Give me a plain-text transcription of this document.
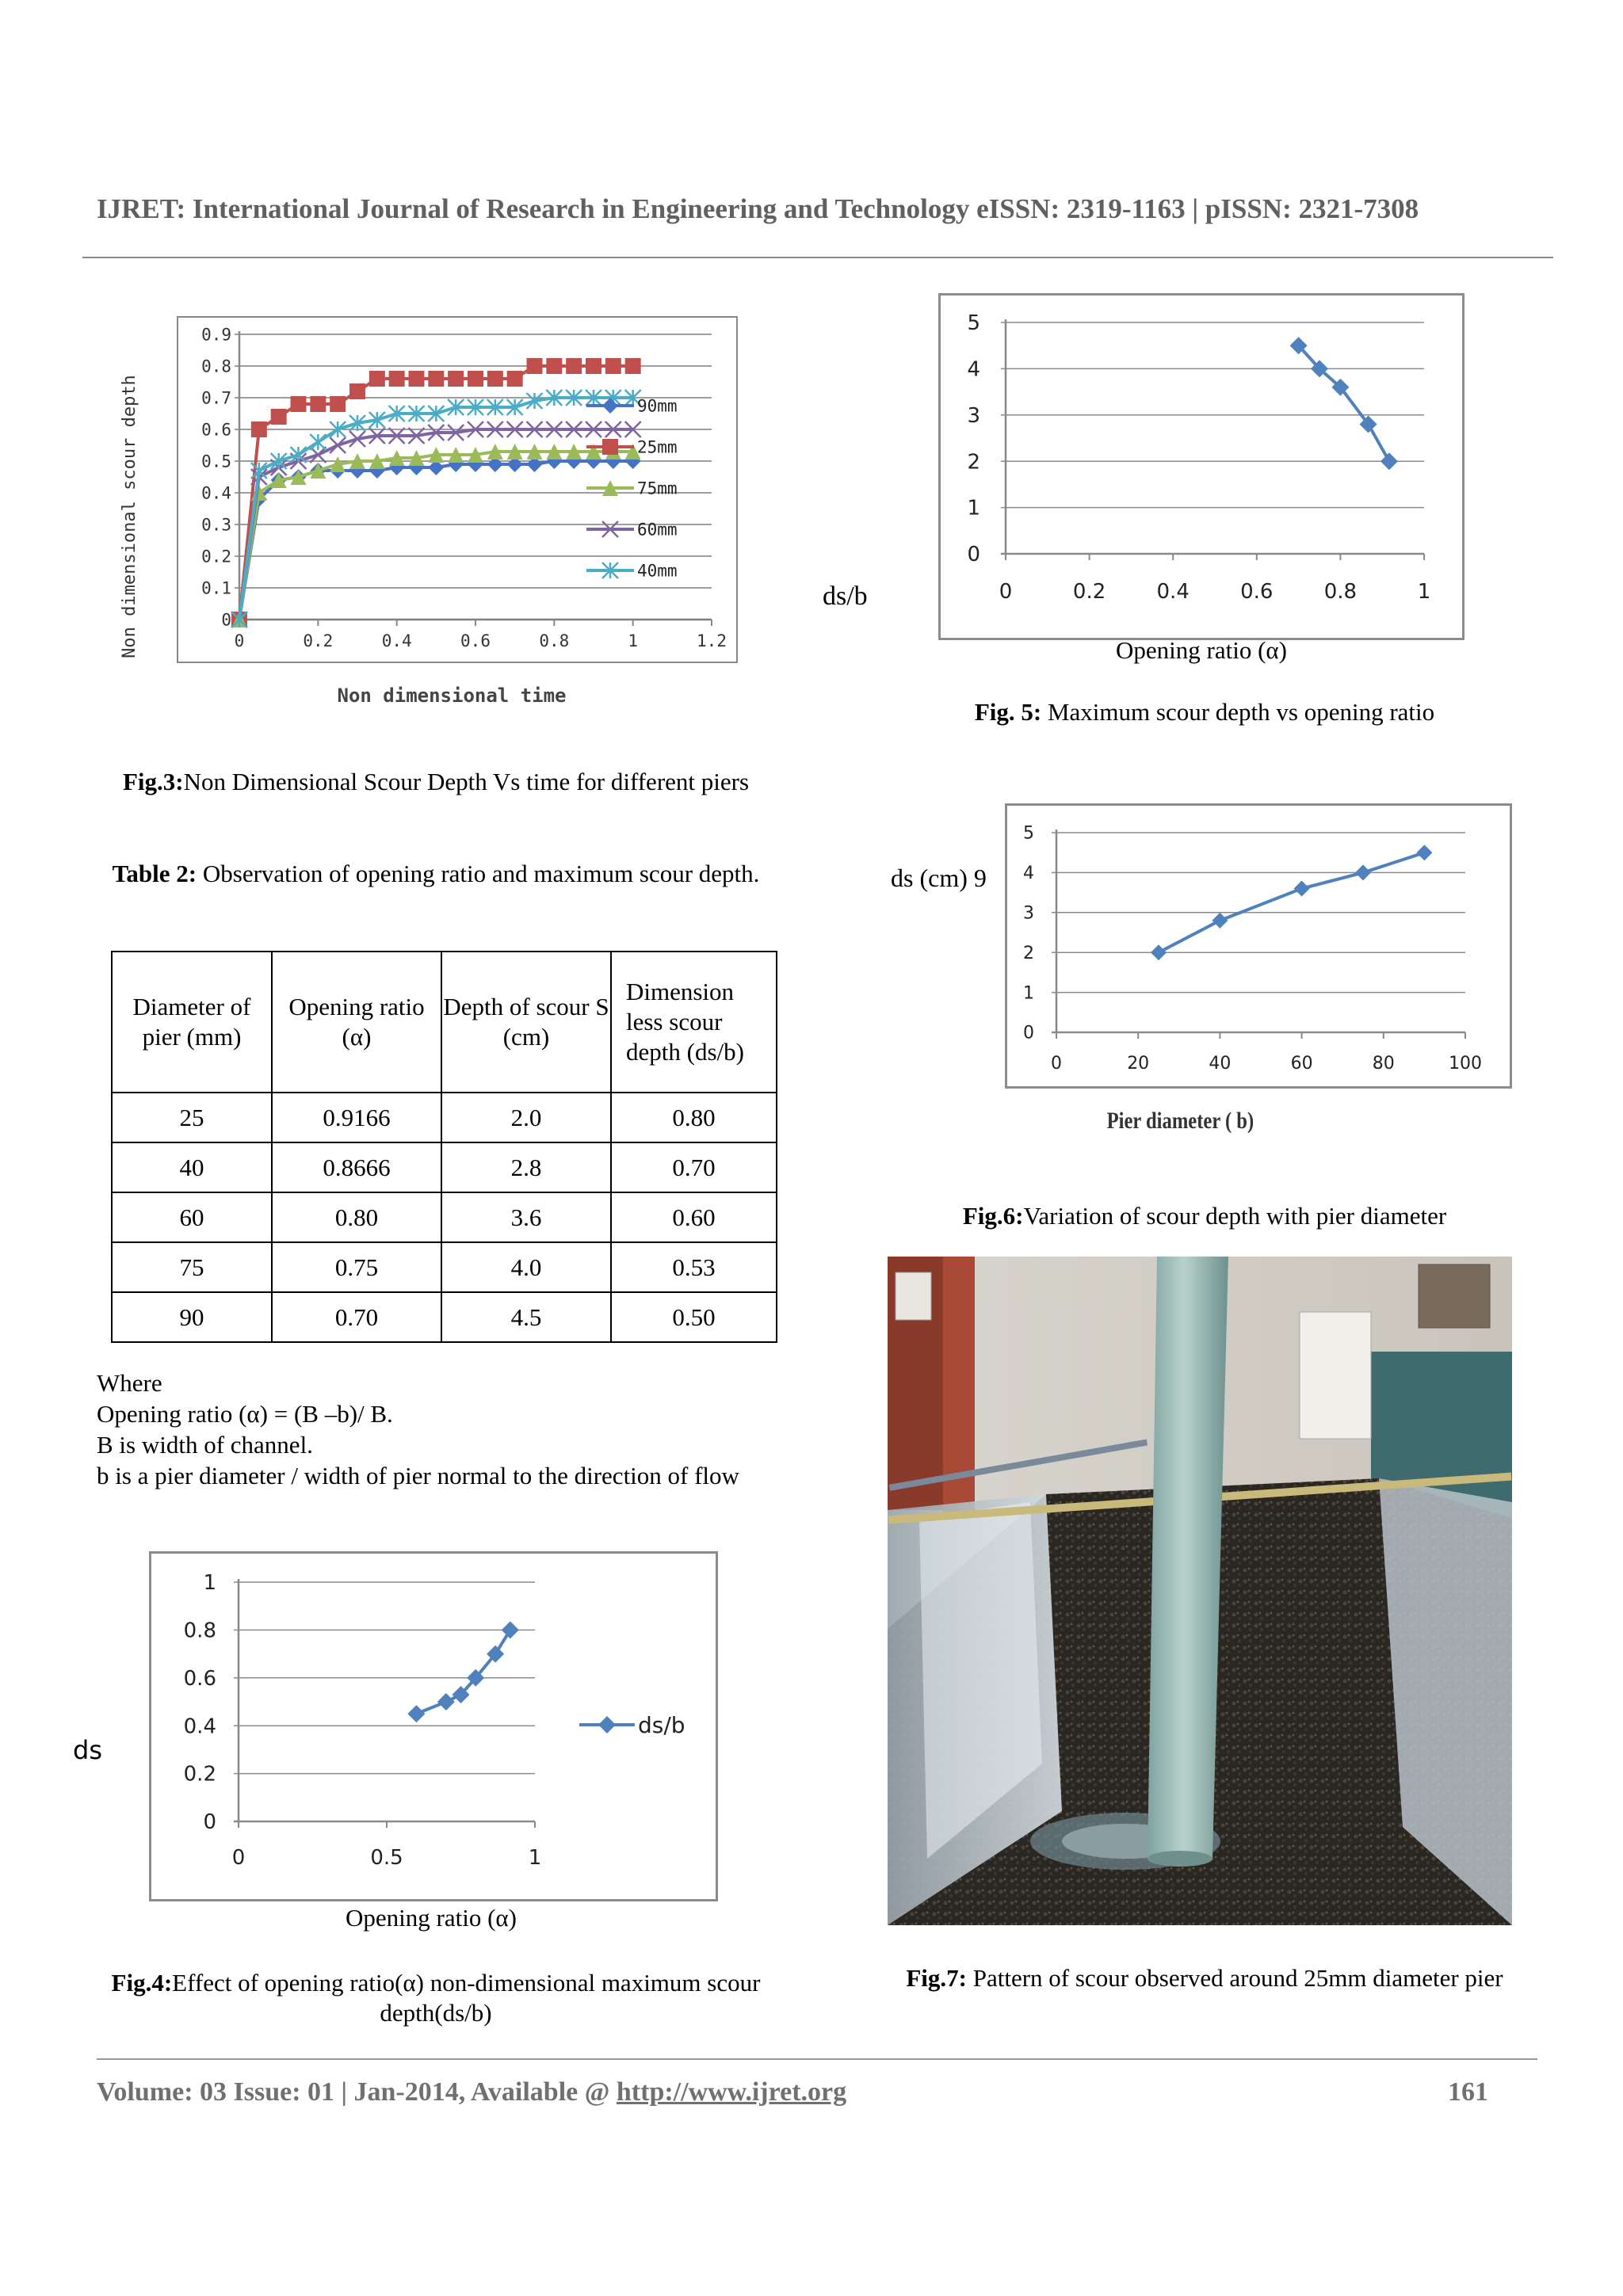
IJRET: International Journal of Research in Engineering and Technology eISSN: 2319-1163 | pISSN: 2321-7308
0
0.1
0.2
0.3
0.4
0.5
0.6
0.7
0.8
0.9
0	0.2	0.4	0.6	0.8	1	1.2
90mm
25mm
75mm
60mm
40mm
Non dimensional time
Non dimensional scour depth
Fig.3:Non Dimensional Scour Depth Vs time for different piers
Table 2: Observation of opening ratio and maximum scour depth.
Diameter of pier (mm)	Opening ratio (α)	Depth of scour S (cm)	Dimension less scour depth (ds/b)
25	0.9166	2.0	0.80
40	0.8666	2.8	0.70
60	0.80	3.6	0.60
75	0.75	4.0	0.53
90	0.70	4.5	0.50
Where
Opening ratio (α) = (B –b)/ B.
B is width of channel.
b is a pier diameter / width of pier normal to the direction of flow
ds
0
0.2
0.4
0.6
0.8
1
0	0.5	1
ds/b
Opening ratio (α)
Fig.4:Effect of opening ratio(α) non-dimensional maximum scour depth(ds/b)
0
1
2
3
4
5
0	0.2 0.4 0.6 0.8	1
ds/b
Opening ratio (α)
Fig. 5: Maximum scour depth vs opening ratio
ds (cm) 9
0
1
2
3
4
5
0	20	40	60	80	100
Pier diameter ( b)
Fig.6:Variation of scour depth with pier diameter
Fig.7: Pattern of scour observed around 25mm diameter pier
Volume: 03 Issue: 01 | Jan-2014, Available @ http://www.ijret.org	161
